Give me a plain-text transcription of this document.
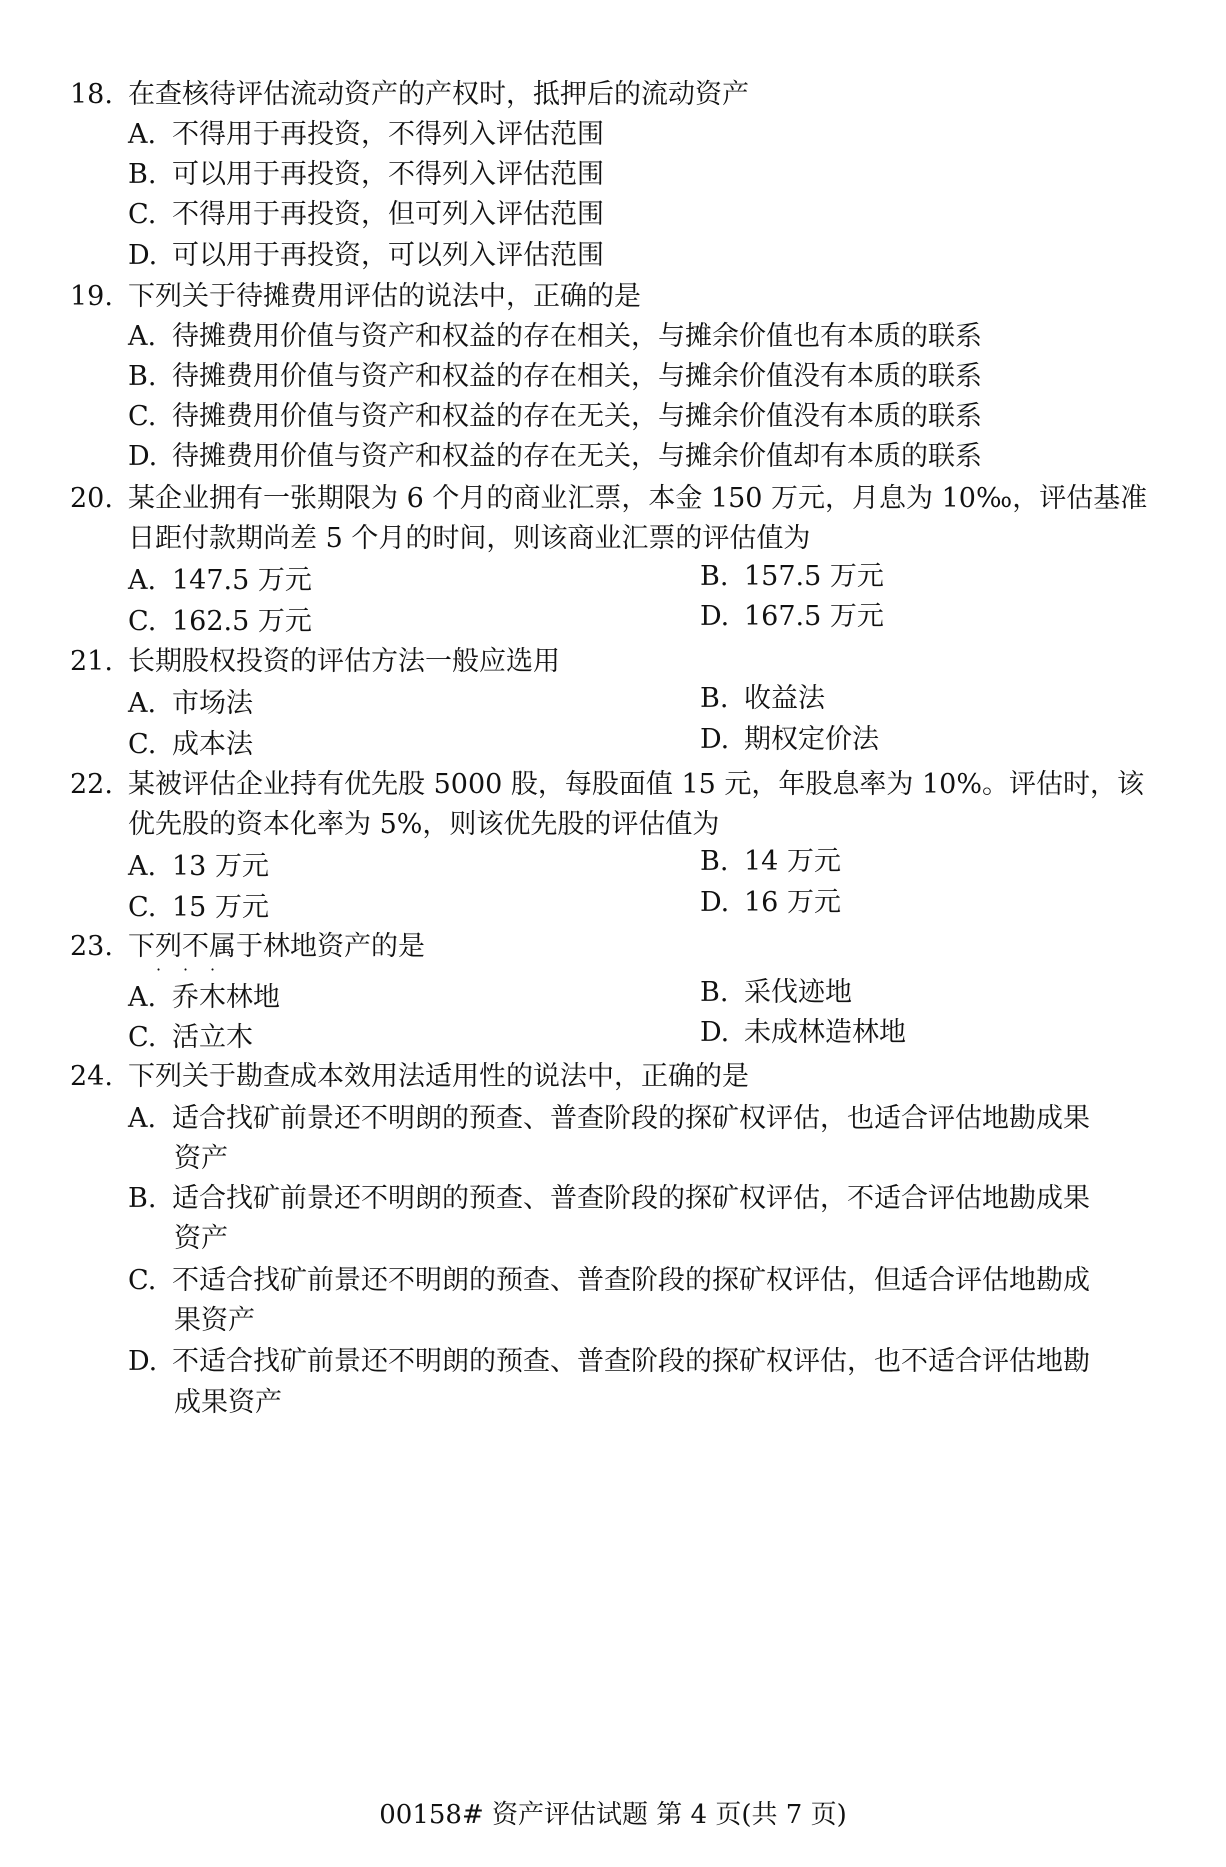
18. 在查核待评估流动资产的产权时，抵押后的流动资产
A. 不得用于再投资，不得列入评估范围
B. 可以用于再投资，不得列入评估范围
C. 不得用于再投资，但可列入评估范围
D. 可以用于再投资，可以列入评估范围
19. 下列关于待摊费用评估的说法中，正确的是
A. 待摊费用价值与资产和权益的存在相关，与摊余价值也有本质的联系
B. 待摊费用价值与资产和权益的存在相关，与摊余价值没有本质的联系
C. 待摊费用价值与资产和权益的存在无关，与摊余价值没有本质的联系
D. 待摊费用价值与资产和权益的存在无关，与摊余价值却有本质的联系
20. 某企业拥有一张期限为 6 个月的商业汇票，本金 150 万元，月息为 10‰，评估基准
日距付款期尚差 5 个月的时间，则该商业汇票的评估值为
A. 147.5 万元	B. 157.5 万元
C. 162.5 万元	D. 167.5 万元
21. 长期股权投资的评估方法一般应选用
A. 市场法	B. 收益法
C. 成本法	D. 期权定价法
22. 某被评估企业持有优先股 5000 股，每股面值 15 元，年股息率为 10%。评估时，该
优先股的资本化率为 5%，则该优先股的评估值为
A. 13 万元	B. 14 万元
C. 15 万元	D. 16 万元
23. 下列不属于林地资产的是
· · ·
A. 乔木林地	B. 采伐迹地
C. 活立木	D. 未成林造林地
24. 下列关于勘查成本效用法适用性的说法中，正确的是
A. 适合找矿前景还不明朗的预查、普查阶段的探矿权评估，也适合评估地勘成果
资产
B. 适合找矿前景还不明朗的预查、普查阶段的探矿权评估，不适合评估地勘成果
资产
C. 不适合找矿前景还不明朗的预查、普查阶段的探矿权评估，但适合评估地勘成
果资产
D. 不适合找矿前景还不明朗的预查、普查阶段的探矿权评估，也不适合评估地勘
成果资产
00158# 资产评估试题 第 4 页(共 7 页)
